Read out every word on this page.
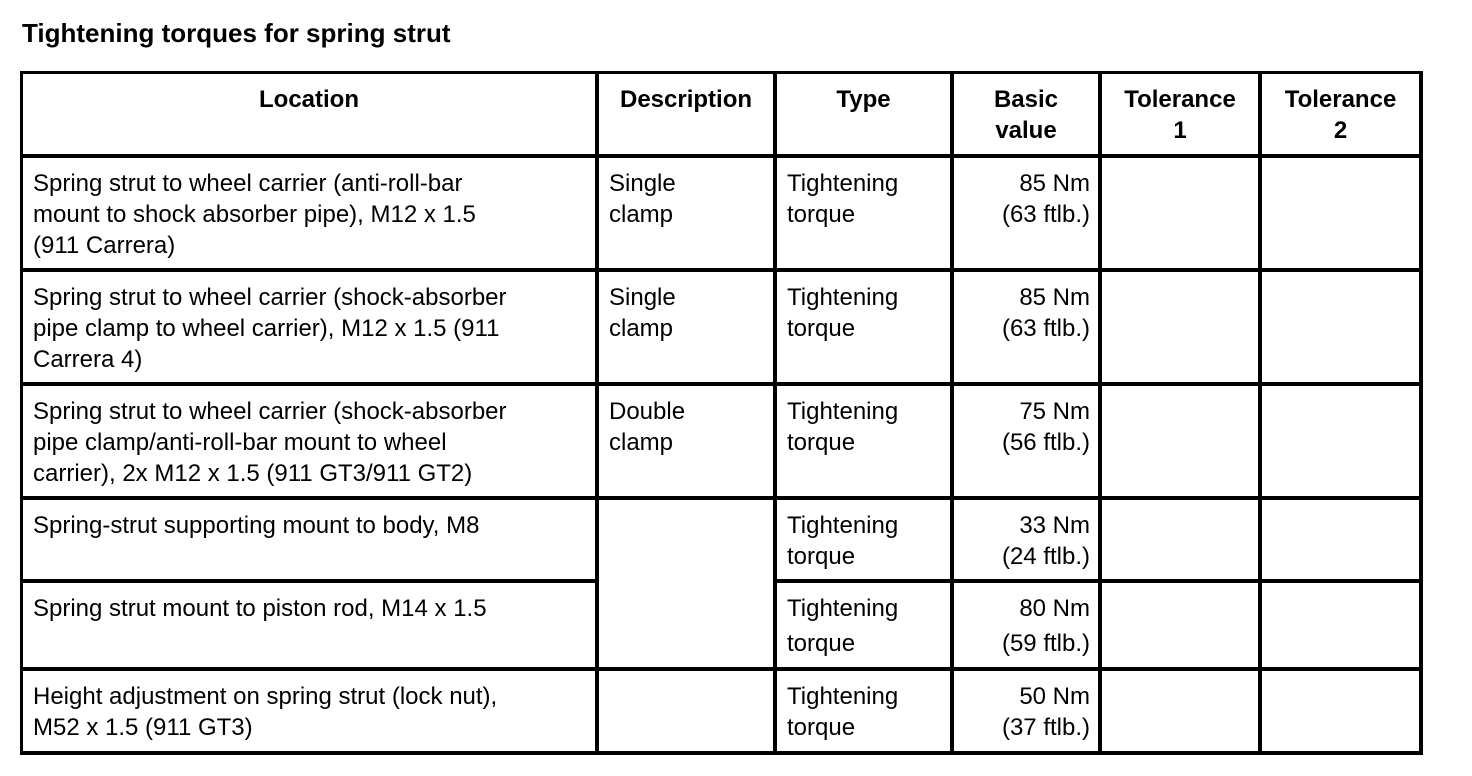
Tightening torques for spring strut
Location	Description	Type	Basic
value	Tolerance
1	Tolerance
2

Spring strut to wheel carrier (anti-roll-bar
mount to shock absorber pipe), M12 x 1.5
(911 Carrera)	Single
clamp	Tightening
torque	85 Nm
(63 ftlb.)		

Spring strut to wheel carrier (shock-absorber
pipe clamp to wheel carrier), M12 x 1.5 (911
Carrera 4)	Single
clamp	Tightening
torque	85 Nm
(63 ftlb.)		

Spring strut to wheel carrier (shock-absorber
pipe clamp/anti-roll-bar mount to wheel
carrier), 2x M12 x 1.5 (911 GT3/911 GT2)	Double
clamp	Tightening
torque	75 Nm
(56 ftlb.)		

Spring-strut supporting mount to body, M8		Tightening
torque	33 Nm
(24 ftlb.)		

Spring strut mount to piston rod, M14 x 1.5		Tightening
torque	80 Nm
(59 ftlb.)		

Height adjustment on spring strut (lock nut),
M52 x 1.5 (911 GT3)		Tightening
torque	50 Nm
(37 ftlb.)		
